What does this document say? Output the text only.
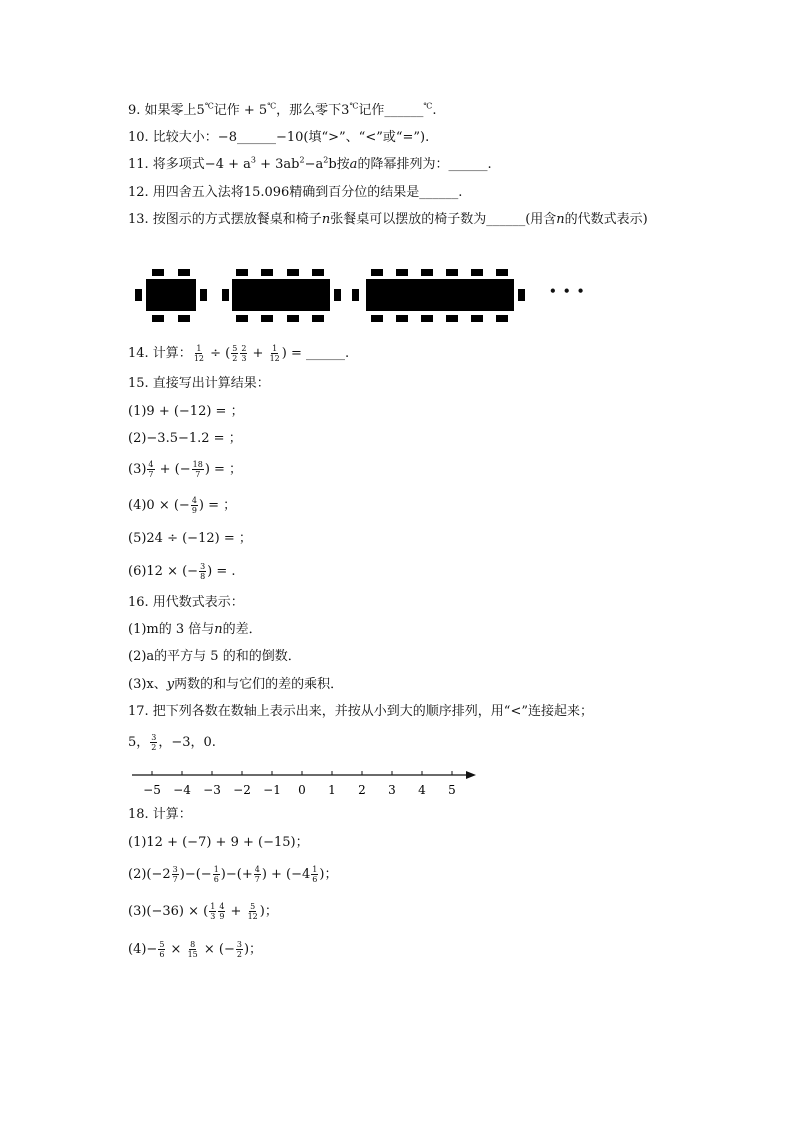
9. 如果零上5℃记作 + 5℃，那么零下3℃记作______℃.
10. 比较大小：−8______−10(填“>”、“<”或“=”).
11. 将多项式$-4 + a^3 + 3ab^2-a^2b$按a的降幂排列为：______.
12. 用四舍五入法将15.096精确到百分位的结果是______.
13. 按图示的方式摆放餐桌和椅子n张餐桌可以摆放的椅子数为______(用含n的代数式表示)
• • •
14. 计算： $\frac{1}{12}$ ÷ ( $\frac{5}{2} \frac{2}{3} + \frac{1}{12}$ ) = ______.
15. 直接写出计算结果：
(1)9 + (−12) = ；
(2)−3.5−1.2 = ；
$(3) \frac{4}{7}$ + (− $\frac{18}{7}$ ) = ；
(4)0 × (− $\frac{4}{9}$ ) = ；
(5)24 ÷ (−12) = ；
(6)12 × (− $\frac{3}{8}$ ) = .
16. 用代数式表示：
(1)m的 3 倍与n的差．
(2)a的平方与 5 的和的倒数．
(3)x、y两数的和与它们的差的乘积．
17. 把下列各数在数轴上表示出来，并按从小到大的顺序排列，用“<”连接起来；
5， $\frac{3}{2}$ ，−3，0.
−5 −4 −3 −2 −1 0 1 2 3 4 5
18. 计算：
(1)12 + (−7) + 9 + (−15)；
$(2)(-2 \frac{3}{7}$ )−(− $\frac{1}{6}$ )−(+ $\frac{4}{7}$ ) + ($-4 \frac{1}{6}$ )；
(3)(−36) × ( $\frac{1}{3} \frac{4}{9} + \frac{5}{12}$ )；
$(4)- \frac{5}{6} \times \frac{8}{15}$ × (− $\frac{3}{2}$ )；
